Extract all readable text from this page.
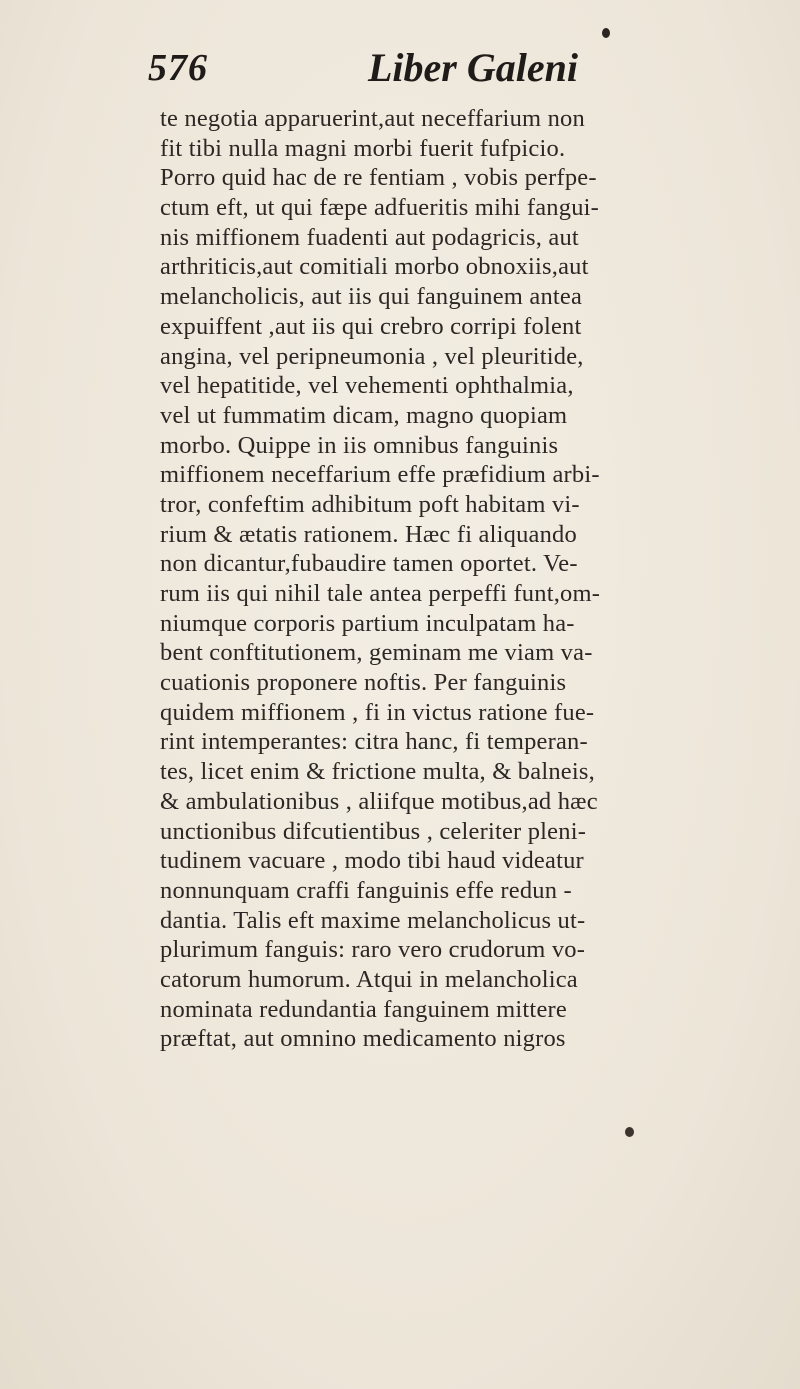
576	Liber Galeni
te negotia apparuerint,aut neceffarium non
fit tibi nulla magni morbi fuerit fufpicio.
Porro quid hac de re fentiam , vobis perfpe-
ctum eft, ut qui fæpe adfueritis mihi fangui-
nis miffionem fuadenti aut podagricis, aut
arthriticis,aut comitiali morbo obnoxiis,aut
melancholicis, aut iis qui fanguinem antea
expuiffent ,aut iis qui crebro corripi folent
angina, vel peripneumonia , vel pleuritide,
vel hepatitide, vel vehementi ophthalmia,
vel ut fummatim dicam, magno quopiam
morbo. Quippe in iis omnibus fanguinis
miffionem neceffarium effe præfidium arbi-
tror, confeftim adhibitum poft habitam vi-
rium & ætatis rationem. Hæc fi aliquando
non dicantur,fubaudire tamen oportet. Ve-
rum iis qui nihil tale antea perpeffi funt,om-
niumque corporis partium inculpatam ha-
bent conftitutionem, geminam me viam va-
cuationis proponere noftis. Per fanguinis
quidem miffionem , fi in victus ratione fue-
rint intemperantes: citra hanc, fi temperan-
tes, licet enim & frictione multa, & balneis,
& ambulationibus , aliifque motibus,ad hæc
unctionibus difcutientibus , celeriter pleni-
tudinem vacuare , modo tibi haud videatur
nonnunquam craffi fanguinis effe redun -
dantia. Talis eft maxime melancholicus ut-
plurimum fanguis: raro vero crudorum vo-
catorum humorum. Atqui in melancholica
nominata redundantia fanguinem mittere
præftat, aut omnino medicamento nigros
